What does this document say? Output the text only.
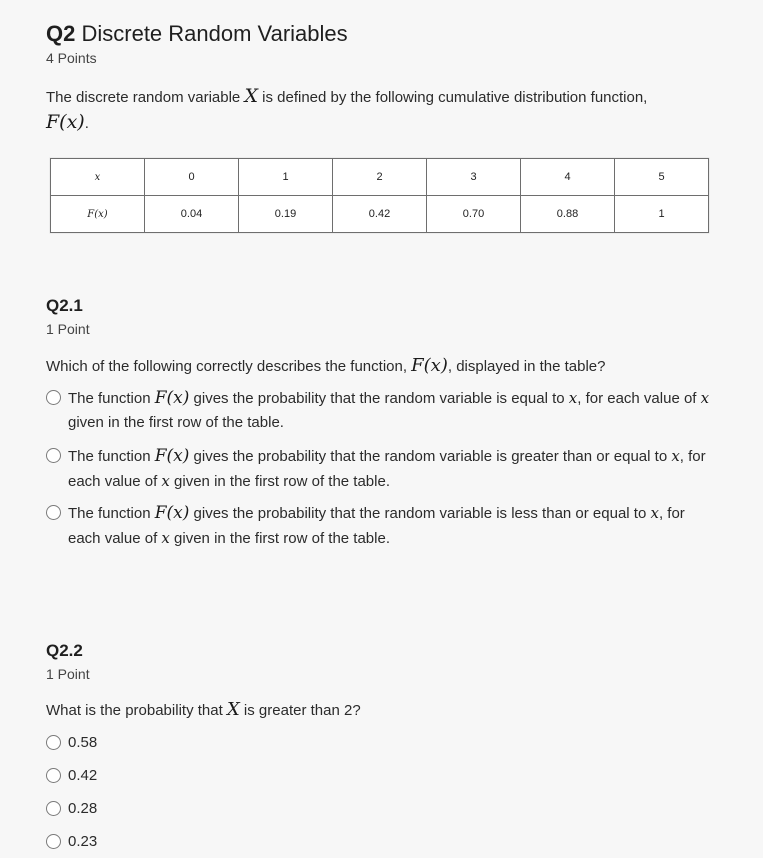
Q2 Discrete Random Variables
4 Points
The discrete random variable X is defined by the following cumulative distribution function,
F(x).
x	0	1	2	3	4	5
F(x)	0.04	0.19	0.42	0.70	0.88	1
Q2.1
1 Point
Which of the following correctly describes the function, F(x), displayed in the table?
The function F(x) gives the probability that the random variable is equal to x, for each value of x given in the first row of the table.
The function F(x) gives the probability that the random variable is greater than or equal to x, for each value of x given in the first row of the table.
The function F(x) gives the probability that the random variable is less than or equal to x, for each value of x given in the first row of the table.
Q2.2
1 Point
What is the probability that X is greater than 2?
0.58
0.42
0.28
0.23
